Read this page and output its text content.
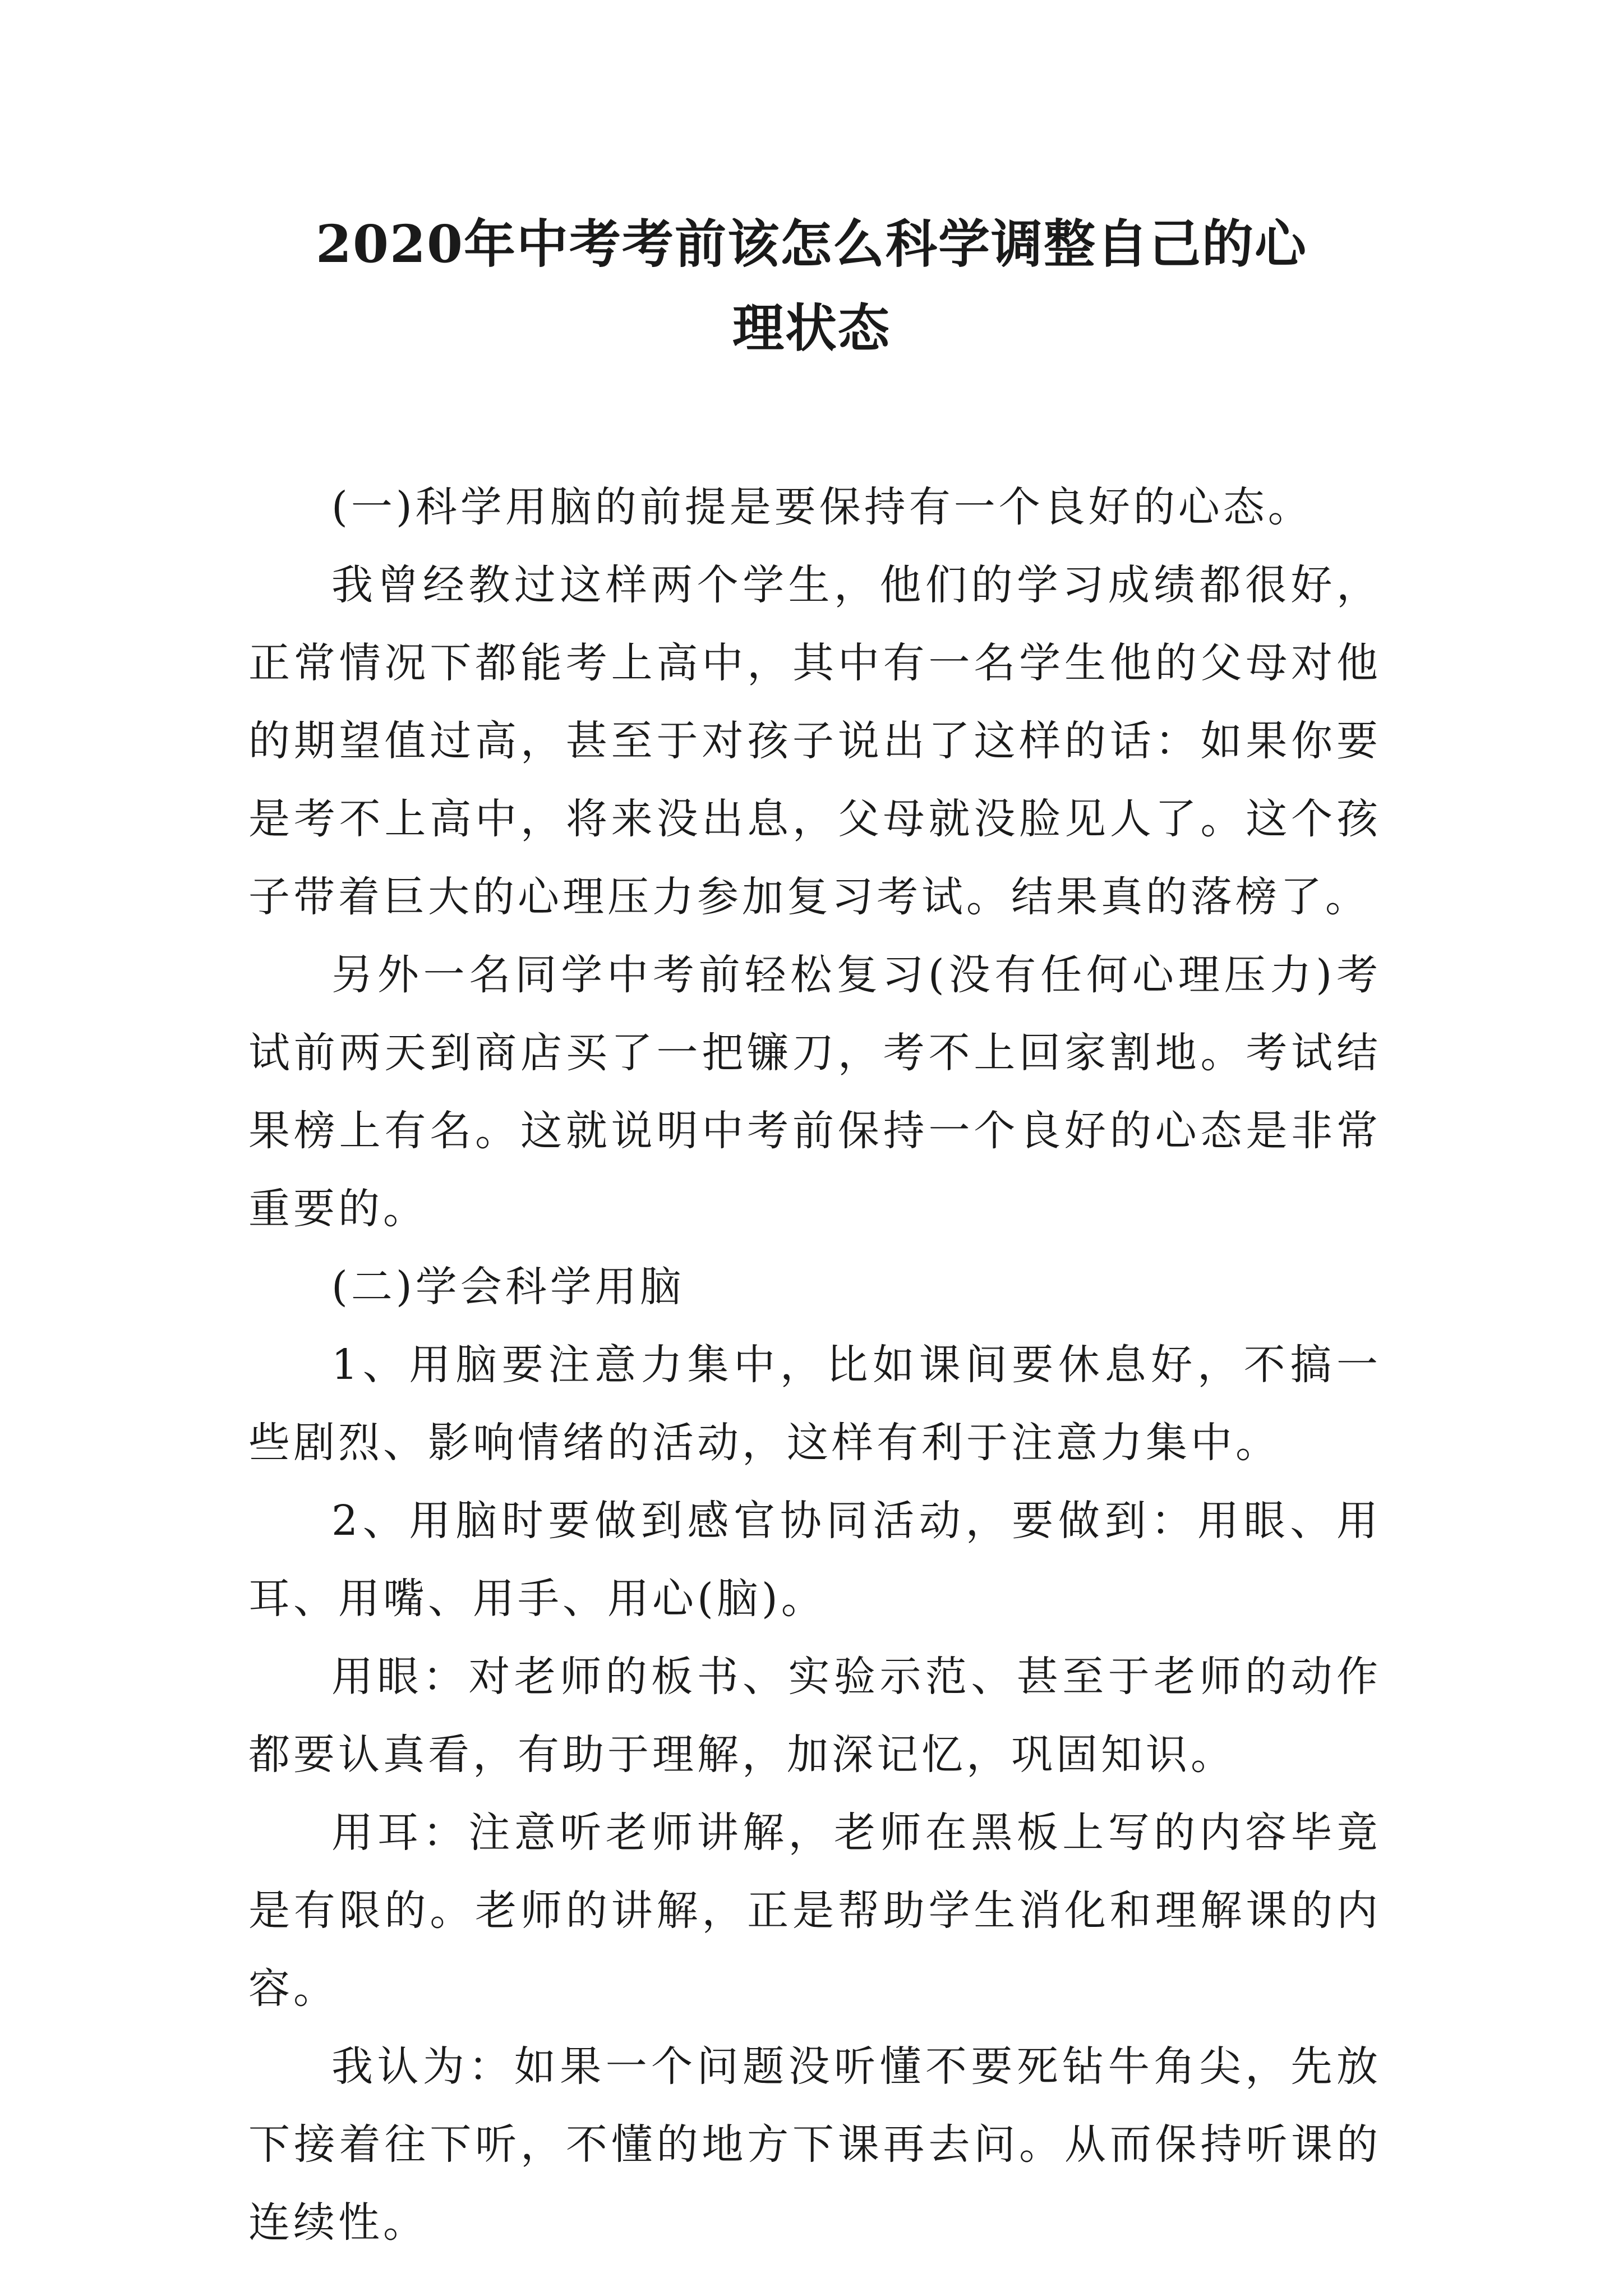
2020年中考考前该怎么科学调整自己的心
理状态

(一)科学用脑的前提是要保持有一个良好的心态。

我曾经教过这样两个学生，他们的学习成绩都很好，正常情况下都能考上高中，其中有一名学生他的父母对他的期望值过高，甚至于对孩子说出了这样的话：如果你要是考不上高中，将来没出息，父母就没脸见人了。这个孩子带着巨大的心理压力参加复习考试。结果真的落榜了。

另外一名同学中考前轻松复习(没有任何心理压力)考试前两天到商店买了一把镰刀，考不上回家割地。考试结果榜上有名。这就说明中考前保持一个良好的心态是非常重要的。

(二)学会科学用脑

1、用脑要注意力集中，比如课间要休息好，不搞一些剧烈、影响情绪的活动，这样有利于注意力集中。

2、用脑时要做到感官协同活动，要做到：用眼、用耳、用嘴、用手、用心(脑)。

用眼：对老师的板书、实验示范、甚至于老师的动作都要认真看，有助于理解，加深记忆，巩固知识。

用耳：注意听老师讲解，老师在黑板上写的内容毕竟是有限的。老师的讲解，正是帮助学生消化和理解课的内容。

我认为：如果一个问题没听懂不要死钻牛角尖，先放下接着往下听，不懂的地方下课再去问。从而保持听课的连续性。
